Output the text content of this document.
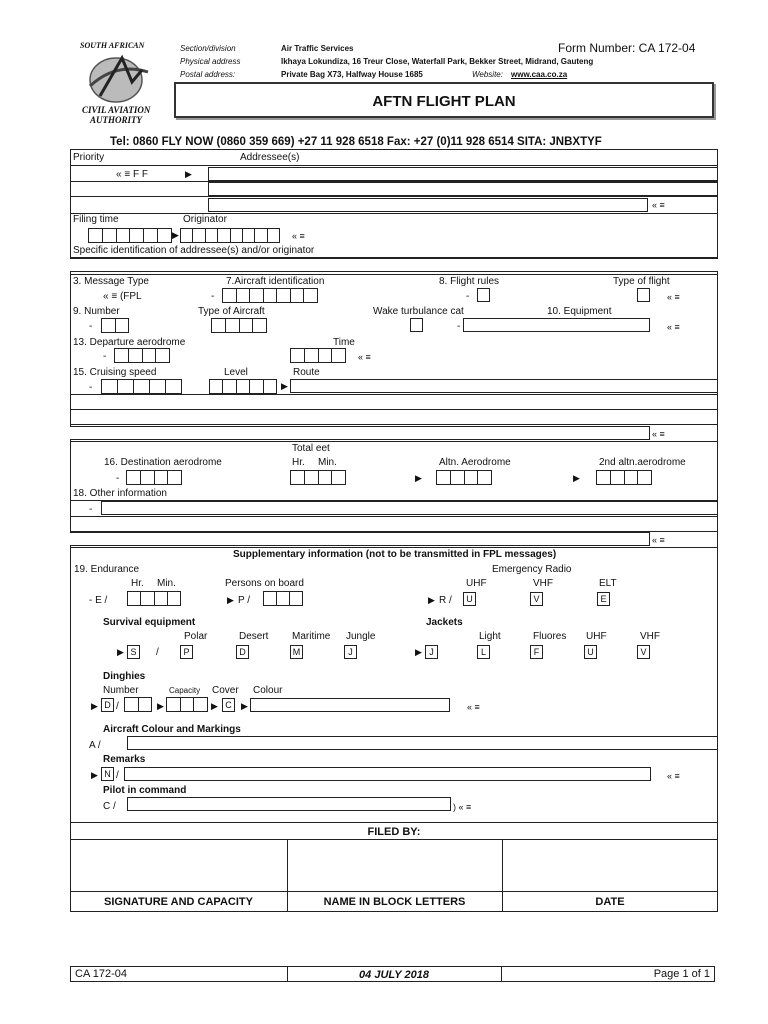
SOUTH AFRICAN
CIVIL AVIATION
AUTHORITY
Section/division	Air Traffic Services	Form Number: CA 172-04
Physical address	Ikhaya Lokundiza, 16 Treur Close, Waterfall Park, Bekker Street, Midrand, Gauteng
Postal address:	Private Bag X73, Halfway House 1685	Website: www.caa.co.za
AFTN FLIGHT PLAN
Tel: 0860 FLY NOW (0860 359 669) +27 11 928 6518 Fax: +27 (0)11 928 6514 SITA: JNBXTYF
Priority	Addressee(s)
« ≡ F F	▶
« ≡
Filing time	Originator
▶	« ≡
Specific identification of addressee(s) and/or originator
3. Message Type	7.Aircraft identification	8. Flight rules	Type of flight
« ≡ (FPL	-	-	« ≡
9. Number	Type of Aircraft	Wake turbulance cat	10. Equipment
-	-	« ≡
13. Departure aerodrome	Time
-	« ≡
15. Cruising speed	Level	Route
-	▶
« ≡
Total eet
16. Destination aerodrome	Hr. Min.	Altn. Aerodrome	2nd altn.aerodrome
-	▶	▶
18. Other information
-
« ≡
Supplementary information (not to be transmitted in FPL messages)
19. Endurance	Emergency Radio
Hr. Min.	Persons on board	UHF	VHF	ELT
- E /	▶ P /	▶ R /	U	V	E
Survival equipment	Jackets
Polar	Desert Maritime Jungle	Light	Fluores UHF	VHF
▶ S	/	P	D	M	J	▶ J	L	F	U	V
Dinghies
Number	Capacity Cover Colour
▶ D /	▶	▶ C	▶	« ≡
Aircraft Colour and Markings
A /
Remarks
▶ N /	« ≡
Pilot in command
C /	) « ≡
FILED BY:
SIGNATURE AND CAPACITY	NAME IN BLOCK LETTERS	DATE
CA 172-04	04 JULY 2018	Page 1 of 1
